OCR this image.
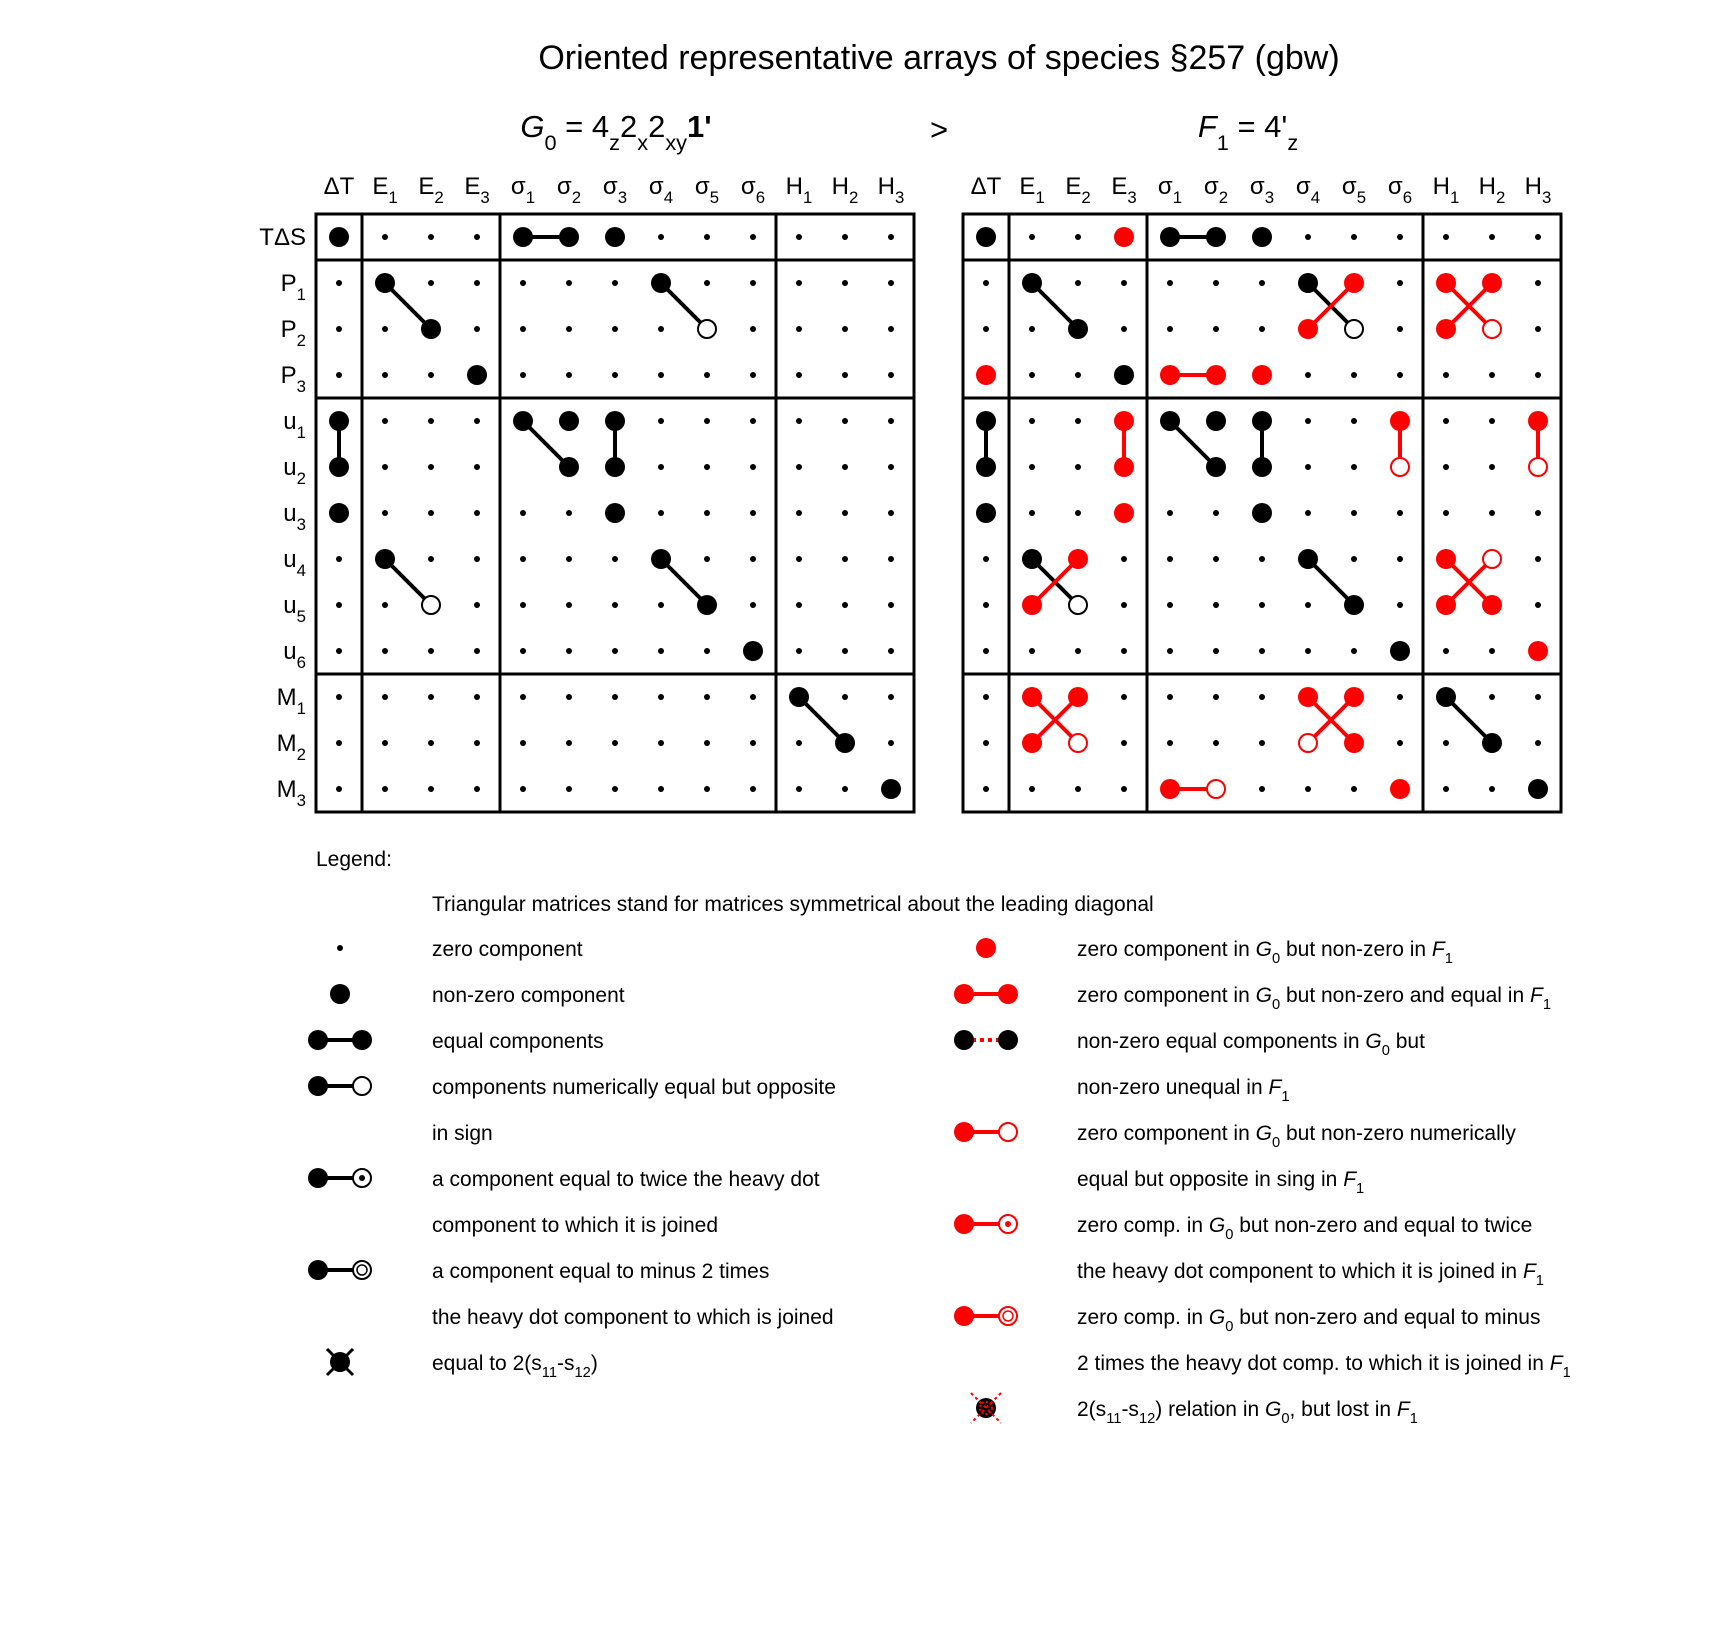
Oriented representative arrays of species §257 (gbw)
$G_0 = 4_z2_x2_{xy}1'$	$F_1 = 4'_z$
>
ΔT $E_1$ $E_2$ $E_3$ $\sigma_1$ $\sigma_2$ $\sigma_3$ $\sigma_4$ $\sigma_5$ $\sigma_6$ $H_1$ $H_2$ $H_3$
TΔS
$P_1$
$P_2$
$P_3$
$u_1$
$u_2$
$u_3$
$u_4$
$u_5$
$u_6$
$M_1$
$M_2$
$M_3$
ΔT $E_1$ $E_2$ $E_3$ $\sigma_1$ $\sigma_2$ $\sigma_3$ $\sigma_4$ $\sigma_5$ $\sigma_6$ $H_1$ $H_2$ $H_3$
Legend:
Triangular matrices stand for matrices symmetrical about the leading diagonal
zero component
non-zero component
equal components
components numerically equal but opposite
in sign
a component equal to twice the heavy dot
component to which it is joined
a component equal to minus 2 times
the heavy dot component to which is joined
equal to $2(s_{11}-s_{12})$
zero component in $G_0$ but non-zero in $F_1$
zero component in $G_0$ but non-zero and equal in $F_1$
non-zero equal components in $G_0$ but
non-zero unequal in $F_1$
zero component in $G_0$ but non-zero numerically
equal but opposite in sing in $F_1$
zero comp. in $G_0$ but non-zero and equal to twice
the heavy dot component to which it is joined in $F_1$
zero comp. in $G_0$ but non-zero and equal to minus
2 times the heavy dot comp. to which it is joined in $F_1$
$2(s_{11}-s_{12})$ relation in $G_0$, but lost in $F_1$
